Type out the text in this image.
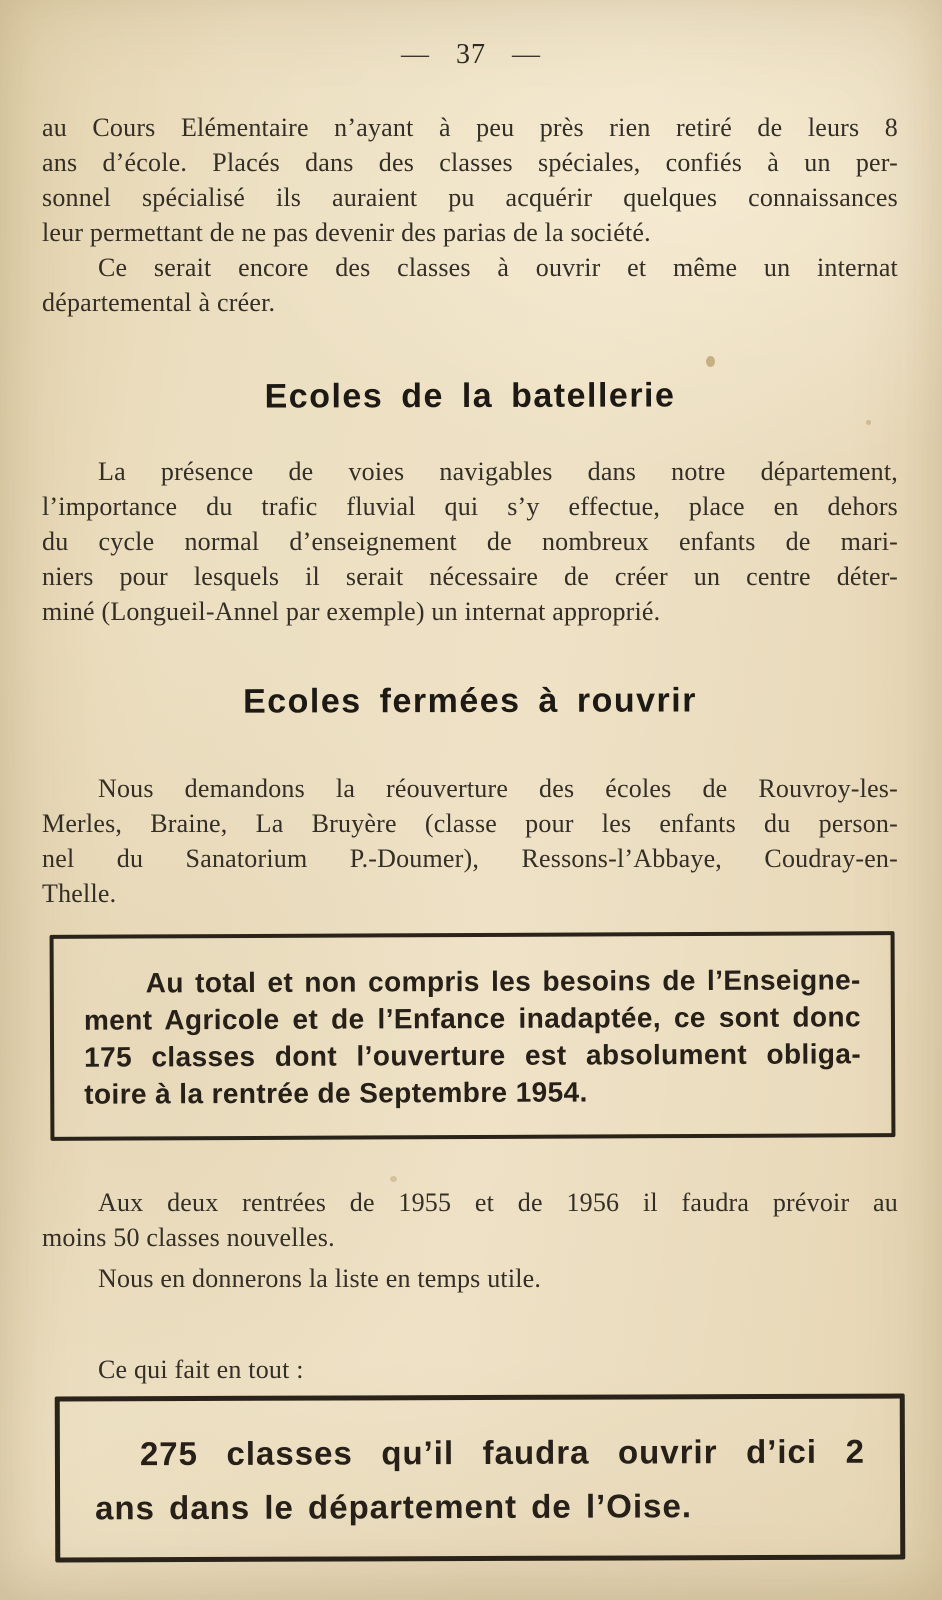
— 37 —
au Cours Elémentaire n’ayant à peu près rien retiré de leurs 8
ans d’école. Placés dans des classes spéciales, confiés à un per-
sonnel spécialisé ils auraient pu acquérir quelques connaissances
leur permettant de ne pas devenir des parias de la société.
Ce serait encore des classes à ouvrir et même un internat
départemental à créer.
Ecoles de la batellerie
La présence de voies navigables dans notre département,
l’importance du trafic fluvial qui s’y effectue, place en dehors
du cycle normal d’enseignement de nombreux enfants de mari-
niers pour lesquels il serait nécessaire de créer un centre déter-
miné (Longueil-Annel par exemple) un internat approprié.
Ecoles fermées à rouvrir
Nous demandons la réouverture des écoles de Rouvroy-les-
Merles, Braine, La Bruyère (classe pour les enfants du person-
nel du Sanatorium P.-Doumer), Ressons-l’Abbaye, Coudray-en-
Thelle.
Au total et non compris les besoins de l’Enseigne-
ment Agricole et de l’Enfance inadaptée, ce sont donc
175 classes dont l’ouverture est absolument obliga-
toire à la rentrée de Septembre 1954.
Aux deux rentrées de 1955 et de 1956 il faudra prévoir au
moins 50 classes nouvelles.
Nous en donnerons la liste en temps utile.
Ce qui fait en tout :
275 classes qu’il faudra ouvrir d’ici 2
ans dans le département de l’Oise.
